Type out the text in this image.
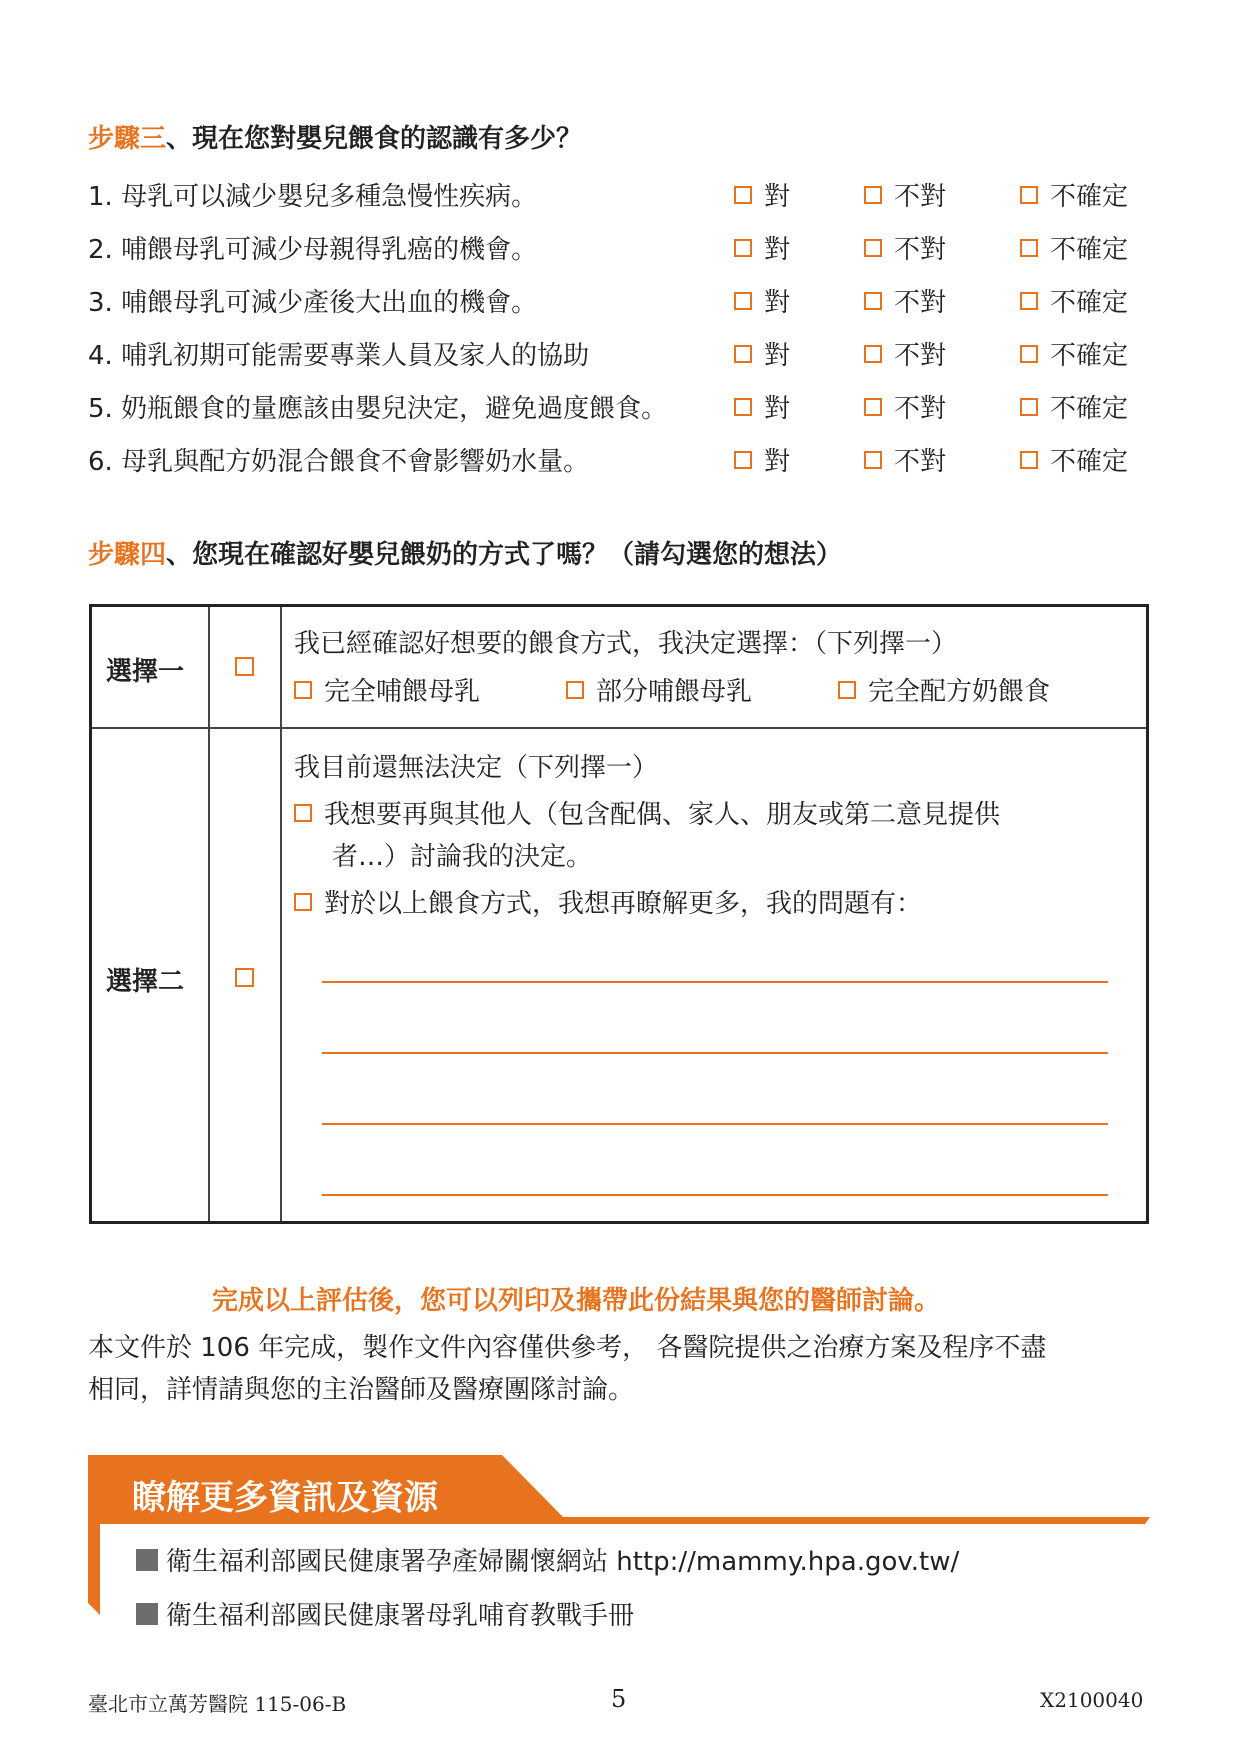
步驟三、現在您對嬰兒餵食的認識有多少？
1. 母乳可以減少嬰兒多種急慢性疾病。	對	不對	不確定
2. 哺餵母乳可減少母親得乳癌的機會。	對	不對	不確定
3. 哺餵母乳可減少產後大出血的機會。	對	不對	不確定
4. 哺乳初期可能需要專業人員及家人的協助	對	不對	不確定
5. 奶瓶餵食的量應該由嬰兒決定，避免過度餵食。	對	不對	不確定
6. 母乳與配方奶混合餵食不會影響奶水量。	對	不對	不確定
步驟四、您現在確認好嬰兒餵奶的方式了嗎？（請勾選您的想法）
選擇一
我已經確認好想要的餵食方式，我決定選擇：（下列擇一）
完全哺餵母乳	部分哺餵母乳	完全配方奶餵食
選擇二
我目前還無法決定（下列擇一）
我想要再與其他人（包含配偶、家人、朋友或第二意見提供
者…）討論我的決定。
對於以上餵食方式，我想再瞭解更多，我的問題有：
完成以上評估後，您可以列印及攜帶此份結果與您的醫師討論。
本文件於 106 年完成，製作文件內容僅供參考， 各醫院提供之治療方案及程序不盡
相同，詳情請與您的主治醫師及醫療團隊討論。
瞭解更多資訊及資源
衛生福利部國民健康署孕產婦關懷網站 http://mammy.hpa.gov.tw/
衛生福利部國民健康署母乳哺育教戰手冊
臺北市立萬芳醫院 115-06-B	5	X2100040
